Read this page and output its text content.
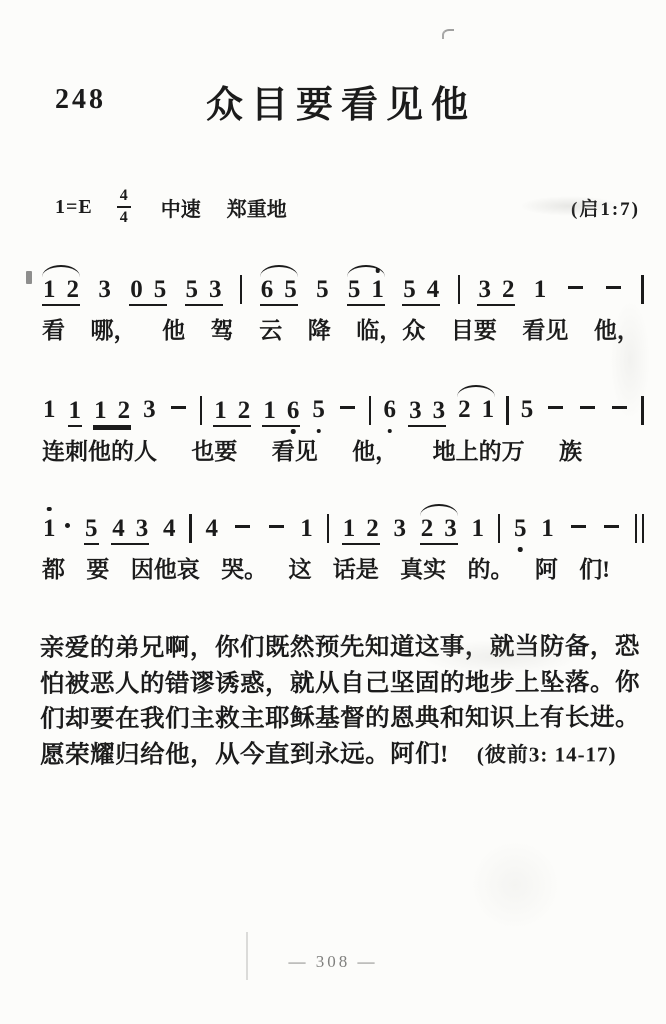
248	众目要看见他
$1=E \frac{4}{4}$ 中速 郑重地	(启1:7)
1 2 3 0 5 5 3 6 5 5 5 1 5 4 3 2 1
看 哪， 他 驾 云 降 临，众 目要 看见 他，
1 1 1 2 3 1 2 1 6 5 6 3 3 2 1 5
连刺他的人 也要 看见 他， 地上的万 族
1 5 4 3 4 4	1 1 2 3 2 3 1 5 1
都 要 因他哀 哭。 这 话是 真实 的。 阿 们!
亲爱的弟兄啊，你们既然预先知道这事，就当防备，恐
怕被恶人的错谬诱惑，就从自己坚固的地步上坠落。你
们却要在我们主救主耶稣基督的恩典和知识上有长进。
愿荣耀归给他，从今直到永远。阿们! (彼前3: 14-17)
— 308 —
